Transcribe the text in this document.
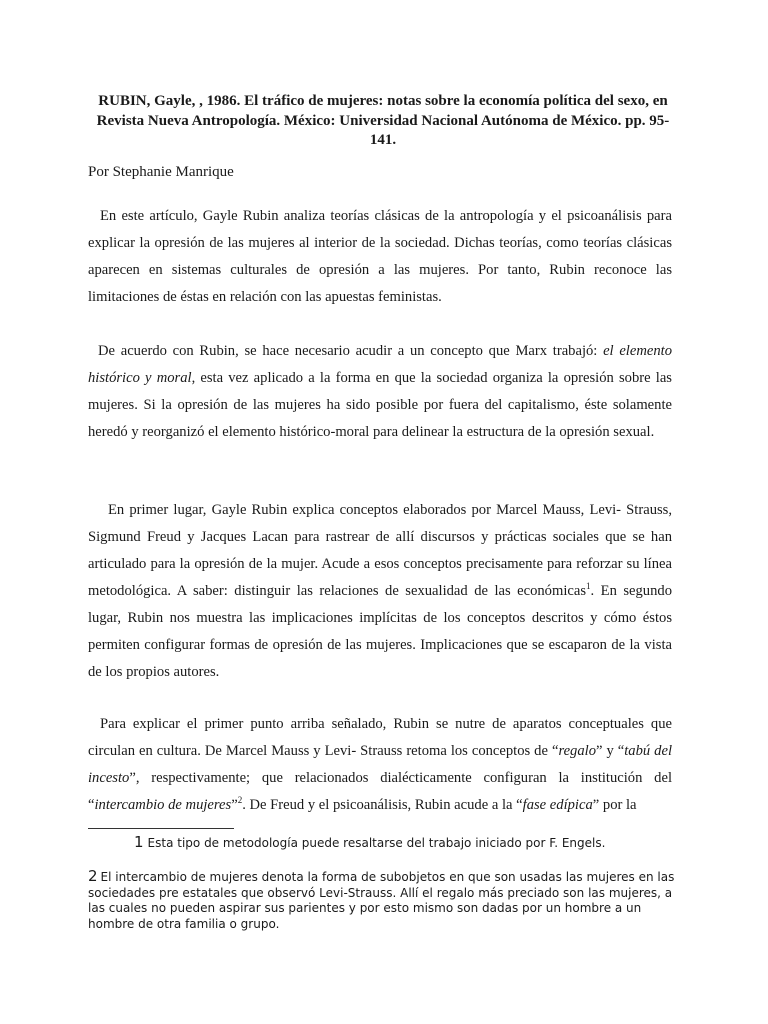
RUBIN, Gayle, , 1986. El tráfico de mujeres: notas sobre la economía política del sexo, en Revista Nueva Antropología. México: Universidad Nacional Autónoma de México. pp. 95-141.
Por Stephanie Manrique
En este artículo, Gayle Rubin analiza teorías clásicas de la antropología y el psicoanálisis para explicar la opresión de las mujeres al interior de la sociedad. Dichas teorías, como teorías clásicas aparecen en sistemas culturales de opresión a las mujeres. Por tanto, Rubin reconoce las limitaciones de éstas en relación con las apuestas feministas.
De acuerdo con Rubin, se hace necesario acudir a un concepto que Marx trabajó: el elemento histórico y moral, esta vez aplicado a la forma en que la sociedad organiza la opresión sobre las mujeres. Si la opresión de las mujeres ha sido posible por fuera del capitalismo, éste solamente heredó y reorganizó el elemento histórico-moral para delinear la estructura de la opresión sexual.
En primer lugar, Gayle Rubin explica conceptos elaborados por Marcel Mauss, Levi- Strauss, Sigmund Freud y Jacques Lacan para rastrear de allí discursos y prácticas sociales que se han articulado para la opresión de la mujer. Acude a esos conceptos precisamente para reforzar su línea metodológica. A saber: distinguir las relaciones de sexualidad de las económicas$^1$. En segundo lugar, Rubin nos muestra las implicaciones implícitas de los conceptos descritos y cómo éstos permiten configurar formas de opresión de las mujeres. Implicaciones que se escaparon de la vista de los propios autores.
Para explicar el primer punto arriba señalado, Rubin se nutre de aparatos conceptuales que circulan en cultura. De Marcel Mauss y Levi- Strauss retoma los conceptos de “regalo” y “tabú del incesto”, respectivamente; que relacionados dialécticamente configuran la institución del “intercambio de mujeres”$^2$. De Freud y el psicoanálisis, Rubin acude a la “fase edípica” por la
1 Esta tipo de metodología puede resaltarse del trabajo iniciado por F. Engels.
2 El intercambio de mujeres denota la forma de subobjetos en que son usadas las mujeres en las sociedades pre estatales que observó Levi-Strauss. Allí el regalo más preciado son las mujeres, a las cuales no pueden aspirar sus parientes y por esto mismo son dadas por un hombre a un hombre de otra familia o grupo.
